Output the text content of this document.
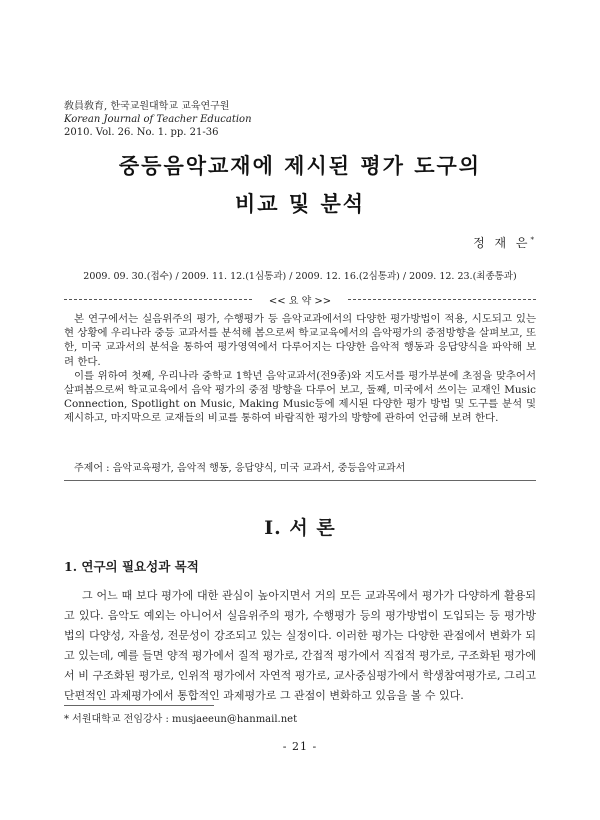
敎員敎育, 한국교원대학교 교육연구원
Korean Journal of Teacher Education
2010. Vol. 26. No. 1. pp. 21-36
중등음악교재에 제시된 평가 도구의
비교 및 분석
정 재 은*
2009. 09. 30.(접수) / 2009. 11. 12.(1심통과) / 2009. 12. 16.(2심통과) / 2009. 12. 23.(최종통과)
<< 요 약 >>

본 연구에서는 실음위주의 평가, 수행평가 등 음악교과에서의 다양한 평가방법이 적용, 시도되고 있는 현 상황에 우리나라 중등 교과서를 분석해 봄으로써 학교교육에서의 음악평가의 중점방향을 살펴보고, 또한, 미국 교과서의 분석을 통하여 평가영역에서 다루어지는 다양한 음악적 행동과 응답양식을 파악해 보려 한다.

이를 위하여 첫째, 우리나라 중학교 1학년 음악교과서(전9종)와 지도서를 평가부분에 초점을 맞추어서 살펴봄으로써 학교교육에서 음악 평가의 중점 방향을 다루어 보고, 둘째, 미국에서 쓰이는 교재인 Music Connection, Spotlight on Music, Making Music등에 제시된 다양한 평가 방법 및 도구를 분석 및 제시하고, 마지막으로 교재들의 비교를 통하여 바람직한 평가의 방향에 관하여 언급해 보려 한다.

주제어 : 음악교육평가, 음악적 행동, 응답양식, 미국 교과서, 중등음악교과서
I. 서 론
1. 연구의 필요성과 목적

그 어느 때 보다 평가에 대한 관심이 높아지면서 거의 모든 교과목에서 평가가 다양하게 활용되고 있다. 음악도 예외는 아니어서 실음위주의 평가, 수행평가 등의 평가방법이 도입되는 등 평가방법의 다양성, 자율성, 전문성이 강조되고 있는 실정이다. 이러한 평가는 다양한 관점에서 변화가 되고 있는데, 예를 들면 양적 평가에서 질적 평가로, 간접적 평가에서 직접적 평가로, 구조화된 평가에서 비 구조화된 평가로, 인위적 평가에서 자연적 평가로, 교사중심평가에서 학생참여평가로, 그리고 단편적인 과제평가에서 통합적인 과제평가로 그 관점이 변화하고 있음을 볼 수 있다.

* 서원대학교 전임강사 : musjaeeun@hanmail.net
- 21 -
